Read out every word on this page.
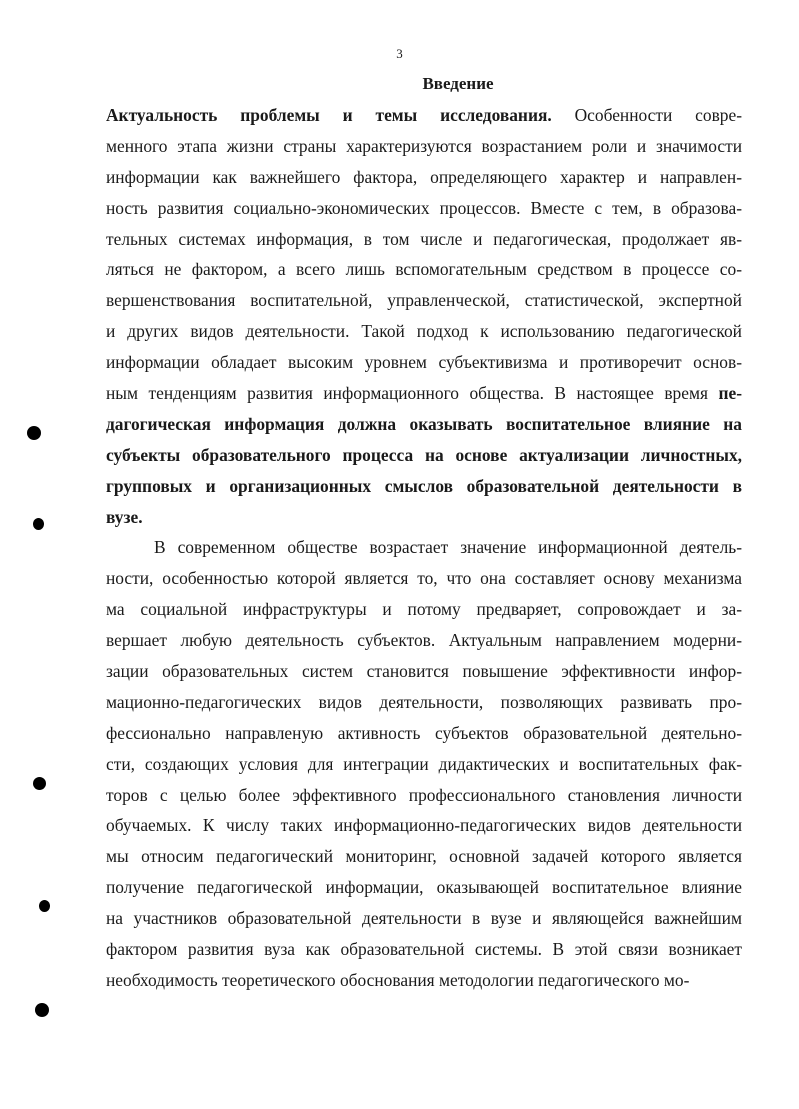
3
Введение
Актуальность проблемы и темы исследования. Особенности совре-
менного этапа жизни страны характеризуются возрастанием роли и значимости
информации как важнейшего фактора, определяющего характер и направлен-
ность развития социально-экономических процессов. Вместе с тем, в образова-
тельных системах информация, в том числе и педагогическая, продолжает яв-
ляться не фактором, а всего лишь вспомогательным средством в процессе со-
вершенствования воспитательной, управленческой, статистической, экспертной
и других видов деятельности. Такой подход к использованию педагогической
информации обладает высоким уровнем субъективизма и противоречит основ-
ным тенденциям развития информационного общества. В настоящее время пе-
дагогическая информация должна оказывать воспитательное влияние на
субъекты образовательного процесса на основе актуализации личностных,
групповых и организационных смыслов образовательной деятельности в
вузе.
В современном обществе возрастает значение информационной деятель-
ности, особенностью которой является то, что она составляет основу механизма
ма социальной инфраструктуры и потому предваряет, сопровождает и за-
вершает любую деятельность субъектов. Актуальным направлением модерни-
зации образовательных систем становится повышение эффективности инфор-
мационно-педагогических видов деятельности, позволяющих развивать про-
фессионально направленую активность субъектов образовательной деятельно-
сти, создающих условия для интеграции дидактических и воспитательных фак-
торов с целью более эффективного профессионального становления личности
обучаемых. К числу таких информационно-педагогических видов деятельности
мы относим педагогический мониторинг, основной задачей которого является
получение педагогической информации, оказывающей воспитательное влияние
на участников образовательной деятельности в вузе и являющейся важнейшим
фактором развития вуза как образовательной системы. В этой связи возникает
необходимость теоретического обоснования методологии педагогического мо-
